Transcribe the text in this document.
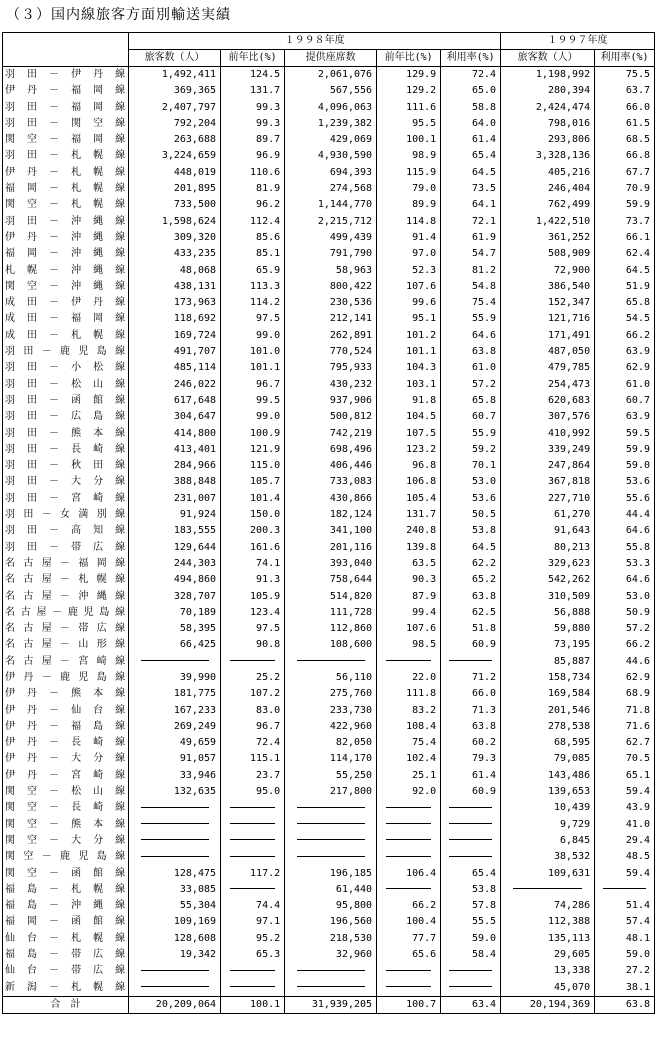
（３）国内線旅客方面別輸送実績
	１９９８年度					１９９７年度	
	旅客数（人）	前年比(%)	提供座席数	前年比(%)	利用率(%)	旅客数（人）	利用率(%)
羽田－伊丹線	1,492,411	124.5	2,061,076	129.9	72.4	1,198,992	75.5
伊丹－福岡線	369,365	131.7	567,556	129.2	65.0	280,394	63.7
羽田－福岡線	2,407,797	99.3	4,096,063	111.6	58.8	2,424,474	66.0
羽田－関空線	792,204	99.3	1,239,382	95.5	64.0	798,016	61.5
関空－福岡線	263,688	89.7	429,069	100.1	61.4	293,806	68.5
羽田－札幌線	3,224,659	96.9	4,930,590	98.9	65.4	3,328,136	66.8
伊丹－札幌線	448,019	110.6	694,393	115.9	64.5	405,216	67.7
福岡－札幌線	201,895	81.9	274,568	79.0	73.5	246,404	70.9
関空－札幌線	733,500	96.2	1,144,770	89.9	64.1	762,499	59.9
羽田－沖縄線	1,598,624	112.4	2,215,712	114.8	72.1	1,422,510	73.7
伊丹－沖縄線	309,320	85.6	499,439	91.4	61.9	361,252	66.1
福岡－沖縄線	433,235	85.1	791,790	97.0	54.7	508,909	62.4
札幌－沖縄線	48,068	65.9	58,963	52.3	81.2	72,900	64.5
関空－沖縄線	438,131	113.3	800,422	107.6	54.8	386,540	51.9
成田－伊丹線	173,963	114.2	230,536	99.6	75.4	152,347	65.8
成田－福岡線	118,692	97.5	212,141	95.1	55.9	121,716	54.5
成田－札幌線	169,724	99.0	262,891	101.2	64.6	171,491	66.2
羽田－鹿児島線	491,707	101.0	770,524	101.1	63.8	487,050	63.9
羽田－小松線	485,114	101.1	795,933	104.3	61.0	479,785	62.9
羽田－松山線	246,022	96.7	430,232	103.1	57.2	254,473	61.0
羽田－函館線	617,648	99.5	937,906	91.8	65.8	620,683	60.7
羽田－広島線	304,647	99.0	500,812	104.5	60.7	307,576	63.9
羽田－熊本線	414,800	100.9	742,219	107.5	55.9	410,992	59.5
羽田－長崎線	413,401	121.9	698,496	123.2	59.2	339,249	59.9
羽田－秋田線	284,966	115.0	406,446	96.8	70.1	247,864	59.0
羽田－大分線	388,848	105.7	733,083	106.8	53.0	367,818	53.6
羽田－宮崎線	231,007	101.4	430,866	105.4	53.6	227,710	55.6
羽田－女満別線	91,924	150.0	182,124	131.7	50.5	61,270	44.4
羽田－高知線	183,555	200.3	341,100	240.8	53.8	91,643	64.6
羽田－帯広線	129,644	161.6	201,116	139.8	64.5	80,213	55.8
名古屋－福岡線	244,303	74.1	393,040	63.5	62.2	329,623	53.3
名古屋－札幌線	494,860	91.3	758,644	90.3	65.2	542,262	64.6
名古屋－沖縄線	328,707	105.9	514,820	87.9	63.8	310,509	53.0
名古屋－鹿児島線	70,189	123.4	111,728	99.4	62.5	56,888	50.9
名古屋－帯広線	58,395	97.5	112,860	107.6	51.8	59,880	57.2
名古屋－山形線	66,425	90.8	108,600	98.5	60.9	73,195	66.2
名古屋－宮崎線						85,887	44.6
伊丹－鹿児島線	39,990	25.2	56,110	22.0	71.2	158,734	62.9
伊丹－熊本線	181,775	107.2	275,760	111.8	66.0	169,584	68.9
伊丹－仙台線	167,233	83.0	233,730	83.2	71.3	201,546	71.8
伊丹－福島線	269,249	96.7	422,960	108.4	63.8	278,538	71.6
伊丹－長崎線	49,659	72.4	82,050	75.4	60.2	68,595	62.7
伊丹－大分線	91,057	115.1	114,170	102.4	79.3	79,085	70.5
伊丹－宮崎線	33,946	23.7	55,250	25.1	61.4	143,486	65.1
関空－松山線	132,635	95.0	217,800	92.0	60.9	139,653	59.4
関空－長崎線						10,439	43.9
関空－熊本線						9,729	41.0
関空－大分線						6,845	29.4
関空－鹿児島線						38,532	48.5
関空－函館線	128,475	117.2	196,185	106.4	65.4	109,631	59.4
福島－札幌線	33,085		61,440		53.8		
福島－沖縄線	55,304	74.4	95,800	66.2	57.8	74,286	51.4
福岡－函館線	109,169	97.1	196,560	100.4	55.5	112,388	57.4
仙台－札幌線	128,608	95.2	218,530	77.7	59.0	135,113	48.1
福島－帯広線	19,342	65.3	32,960	65.6	58.4	29,605	59.0
仙台－帯広線						13,338	27.2
新潟－札幌線						45,070	38.1
合　計	20,209,064	100.1	31,939,205	100.7	63.4	20,194,369	63.8
